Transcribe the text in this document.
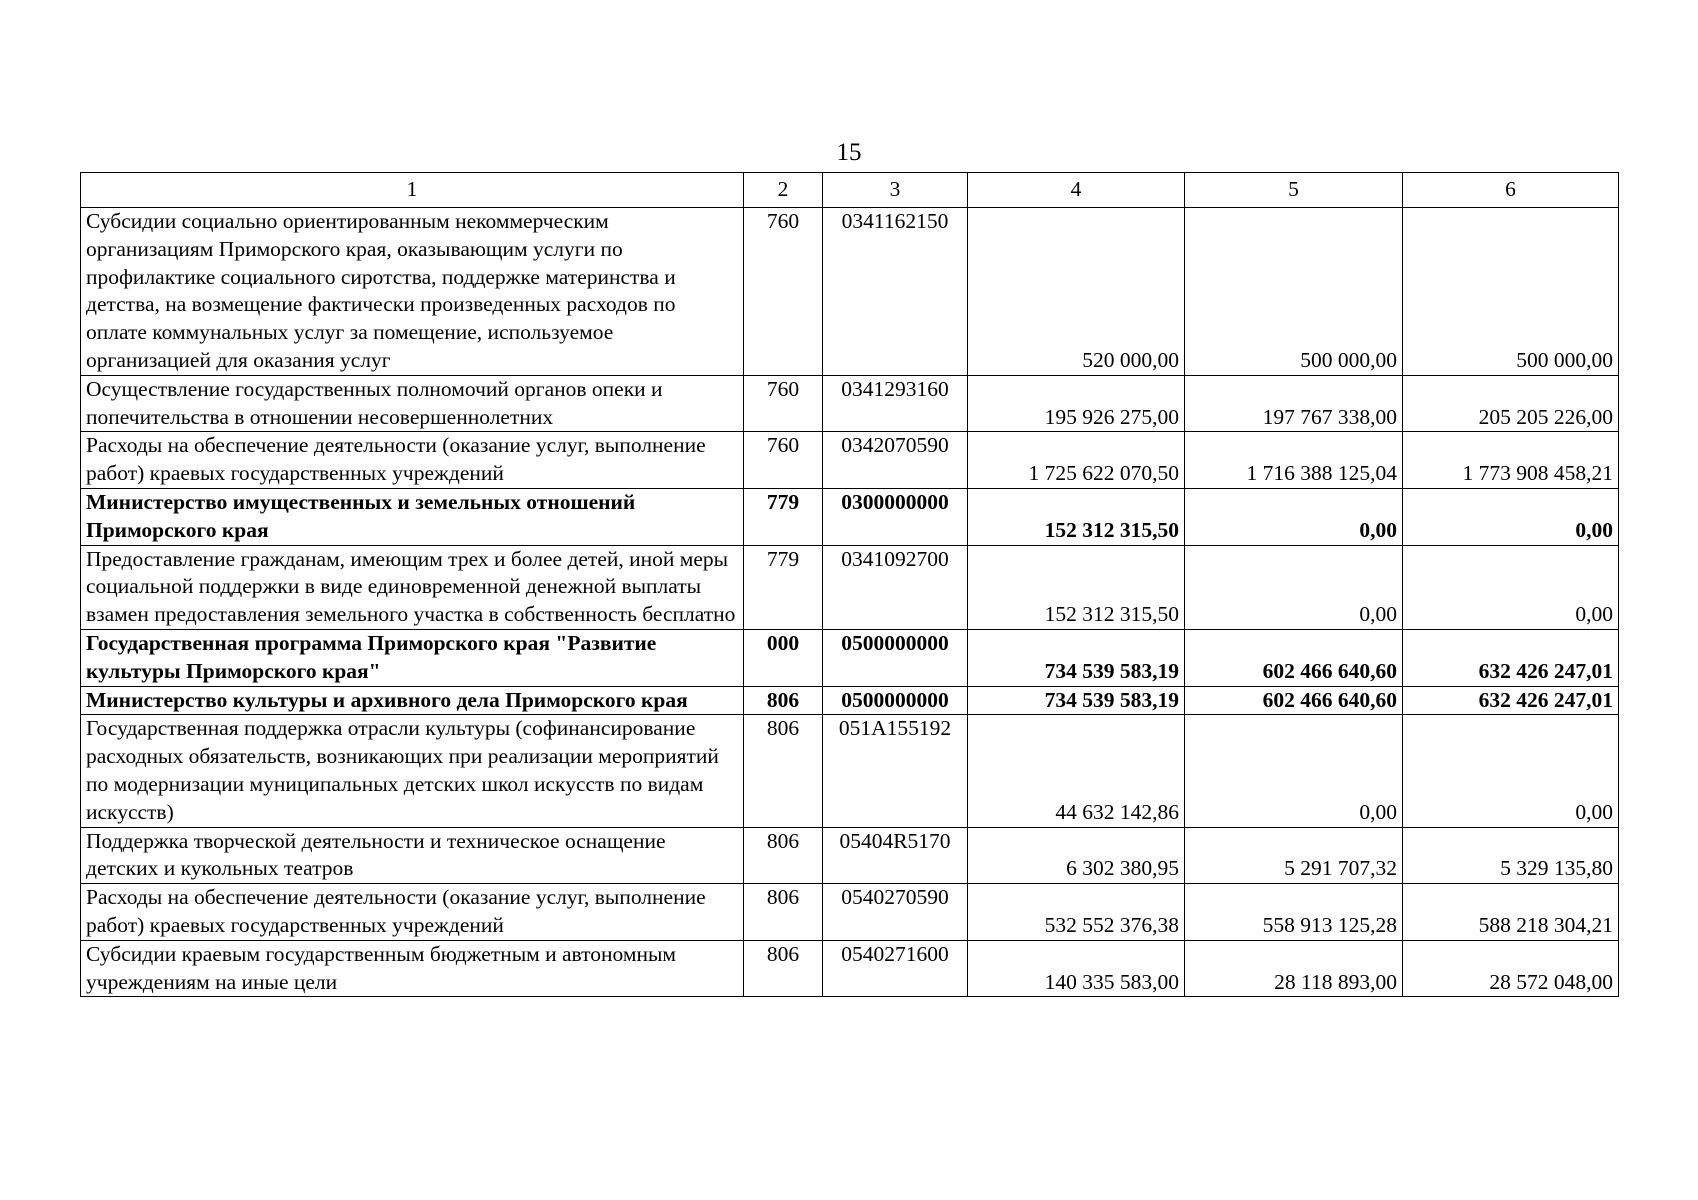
15
1	2	3	4	5	6
Субсидии социально ориентированным некоммерческим организациям Приморского края, оказывающим услуги по профилактике социального сиротства, поддержке материнства и детства, на возмещение фактически произведенных расходов по оплате коммунальных услуг за помещение, используемое организацией для оказания услуг	760	0341162150	520 000,00	500 000,00	500 000,00
Осуществление государственных полномочий органов опеки и попечительства в отношении несовершеннолетних	760	0341293160	195 926 275,00	197 767 338,00	205 205 226,00
Расходы на обеспечение деятельности (оказание услуг, выполнение работ) краевых государственных учреждений	760	0342070590	1 725 622 070,50	1 716 388 125,04	1 773 908 458,21
Министерство имущественных и земельных отношений Приморского края	779	0300000000	152 312 315,50	0,00	0,00
Предоставление гражданам, имеющим трех и более детей, иной меры социальной поддержки в виде единовременной денежной выплаты взамен предоставления земельного участка в собственность бесплатно	779	0341092700	152 312 315,50	0,00	0,00
Государственная программа Приморского края "Развитие культуры Приморского края"	000	0500000000	734 539 583,19	602 466 640,60	632 426 247,01
Министерство культуры и архивного дела Приморского края	806	0500000000	734 539 583,19	602 466 640,60	632 426 247,01
Государственная поддержка отрасли культуры (софинансирование расходных обязательств, возникающих при реализации мероприятий по модернизации муниципальных детских школ искусств по видам искусств)	806	051A155192	44 632 142,86	0,00	0,00
Поддержка творческой деятельности и техническое оснащение детских и кукольных театров	806	05404R5170	6 302 380,95	5 291 707,32	5 329 135,80
Расходы на обеспечение деятельности (оказание услуг, выполнение работ) краевых государственных учреждений	806	0540270590	532 552 376,38	558 913 125,28	588 218 304,21
Субсидии краевым государственным бюджетным и автономным учреждениям на иные цели	806	0540271600	140 335 583,00	28 118 893,00	28 572 048,00
